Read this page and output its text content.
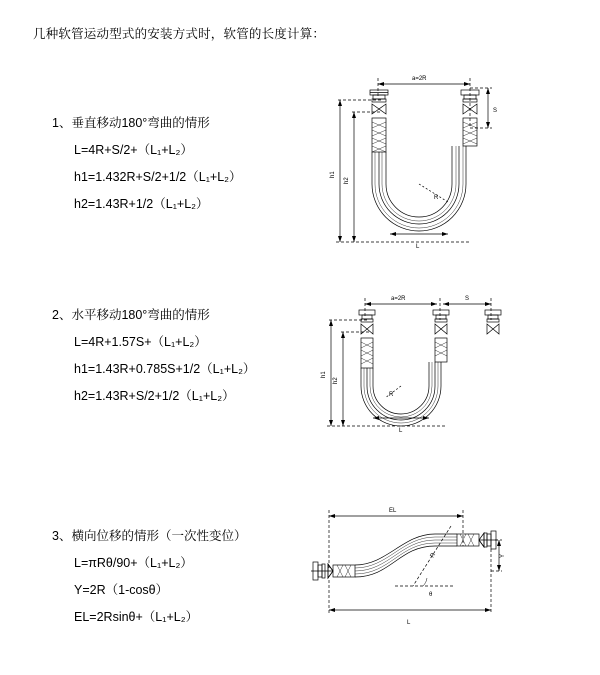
几种软管运动型式的安装方式时，软管的长度计算：
1、垂直移动180°弯曲的情形
L=4R+S/2+（L₁+L₂）
h1=1.432R+S/2+1/2（L₁+L₂）
h2=1.43R+1/2（L₁+L₂）
a=2R
h1
h2
S
R
L
2、水平移动180°弯曲的情形
L=4R+1.57S+（L₁+L₂）
h1=1.43R+0.785S+1/2（L₁+L₂）
h2=1.43R+S/2+1/2（L₁+L₂）
a=2R	S
h1
h2
R
L
3、横向位移的情形（一次性变位）
L=πRθ/90+（L₁+L₂）
Y=2R（1-cosθ）
EL=2Rsinθ+（L₁+L₂）
EL
Y
R
θ
L
